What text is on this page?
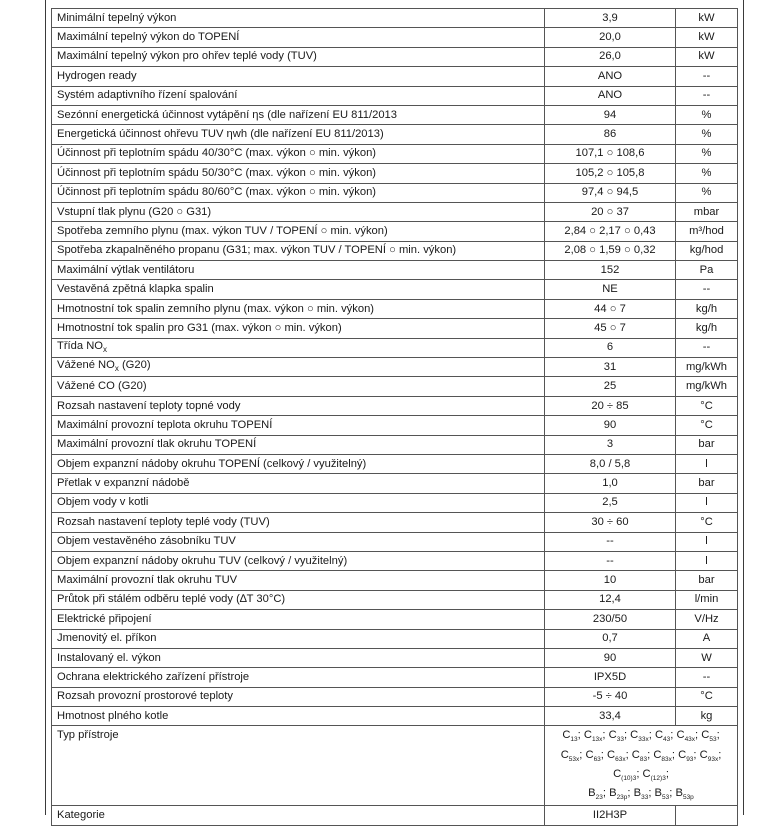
Minimální tepelný výkon	3,9	kW
Maximální tepelný výkon do TOPENÍ	20,0	kW
Maximální tepelný výkon pro ohřev teplé vody (TUV)	26,0	kW
Hydrogen ready	ANO	--
Systém adaptivního řízení spalování	ANO	--
Sezónní energetická účinnost vytápění ηs (dle nařízení EU 811/2013	94	%
Energetická účinnost ohřevu TUV ηwh (dle nařízení EU 811/2013)	86	%
Účinnost při teplotním spádu 40/30°C (max. výkon ○ min. výkon)	107,1 ○ 108,6	%
Účinnost při teplotním spádu 50/30°C (max. výkon ○ min. výkon)	105,2 ○ 105,8	%
Účinnost při teplotním spádu 80/60°C (max. výkon ○ min. výkon)	97,4 ○ 94,5	%
Vstupní tlak plynu (G20 ○ G31)	20 ○ 37	mbar
Spotřeba zemního plynu (max. výkon TUV / TOPENÍ ○ min. výkon)	2,84 ○ 2,17 ○ 0,43	m³/hod
Spotřeba zkapalněného propanu (G31; max. výkon TUV / TOPENÍ ○ min. výkon)	2,08 ○ 1,59 ○ 0,32	kg/hod
Maximální výtlak ventilátoru	152	Pa
Vestavěná zpětná klapka spalin	NE	--
Hmotnostní tok spalin zemního plynu (max. výkon ○ min. výkon)	44 ○ 7	kg/h
Hmotnostní tok spalin pro G31 (max. výkon ○ min. výkon)	45 ○ 7	kg/h
Třída $NO_x$	6	--
Vážené $NO_x$ (G20)	31	mg/kWh
Vážené CO (G20)	25	mg/kWh
Rozsah nastavení teploty topné vody	20 ÷ 85	°C
Maximální provozní teplota okruhu TOPENÍ	90	°C
Maximální provozní tlak okruhu TOPENÍ	3	bar
Objem expanzní nádoby okruhu TOPENÍ (celkový / využitelný)	8,0 / 5,8	l
Přetlak v expanzní nádobě	1,0	bar
Objem vody v kotli	2,5	l
Rozsah nastavení teploty teplé vody (TUV)	30 ÷ 60	°C
Objem vestavěného zásobníku TUV	--	l
Objem expanzní nádoby okruhu TUV (celkový / využitelný)	--	l
Maximální provozní tlak okruhu TUV	10	bar
Průtok při stálém odběru teplé vody (∆T 30°C)	12,4	l/min
Elektrické připojení	230/50	V/Hz
Jmenovitý el. příkon	0,7	A
Instalovaný el. výkon	90	W
Ochrana elektrického zařízení přístroje	IPX5D	--
Rozsah provozní prostorové teploty	-5 ÷ 40	°C
Hmotnost plného kotle	33,4	kg
Typ přístroje	$C_{13}$; $C_{13x}$; $C_{33}$; $C_{33x}$; $C_{43}$; $C_{43x}$; $C_{53}$;
$C_{53x}$; $C_{63}$; $C_{63x}$; $C_{83}$; $C_{83x}$; $C_{93}$; $C_{93x}$;
$C_{(10)3}$; $C_{(12)3}$;
$B_{23}$; $B_{23p}$; $B_{33}$; $B_{53}$; $B_{53p}$

Kategorie	II2H3P	
